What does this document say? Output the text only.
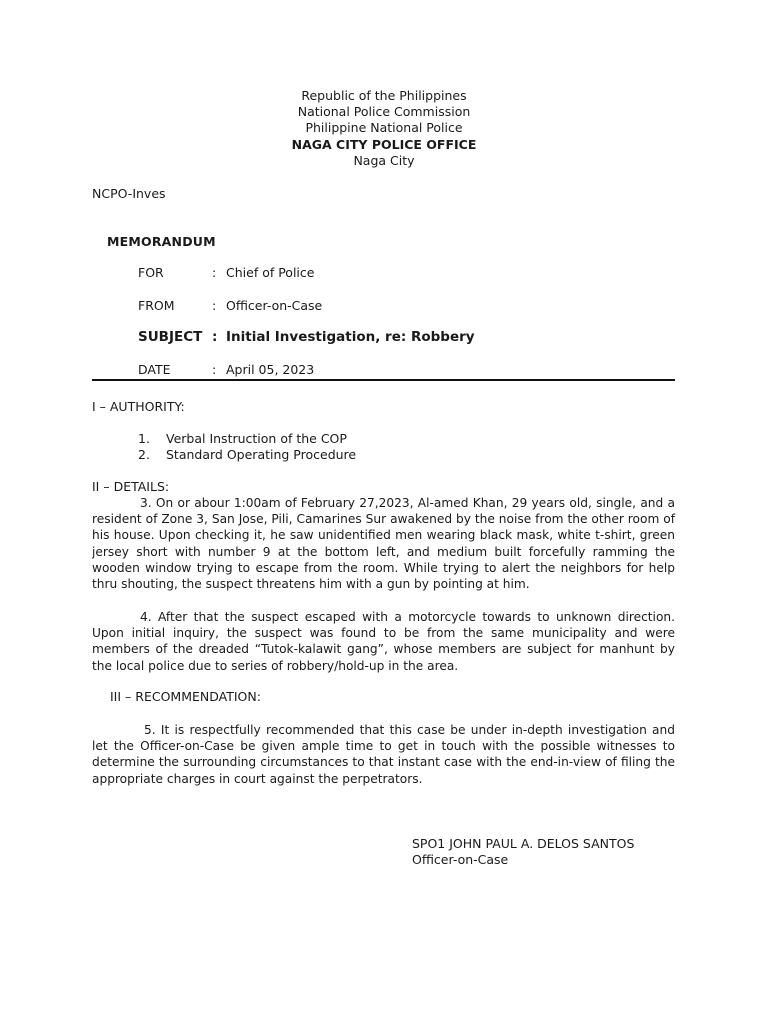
Republic of the Philippines
National Police Commission
Philippine National Police
NAGA CITY POLICE OFFICE
Naga City
NCPO-Inves
MEMORANDUM
FOR	: Chief of Police
FROM	: Officer-on-Case
SUBJECT : Initial Investigation, re: Robbery
DATE	: April 05, 2023
I – AUTHORITY:
1.	Verbal Instruction of the COP
2.	Standard Operating Procedure
II – DETAILS:

3. On or abour 1:00am of February 27,2023, Al-amed Khan, 29 years old, single, and a resident of Zone 3, San Jose, Pili, Camarines Sur awakened by the noise from the other room of his house. Upon checking it, he saw unidentified men wearing black mask, white t-shirt, green jersey short with number 9 at the bottom left, and medium built forcefully ramming the wooden window trying to escape from the room. While trying to alert the neighbors for help thru shouting, the suspect threatens him with a gun by pointing at him.

4. After that the suspect escaped with a motorcycle towards to unknown direction. Upon initial inquiry, the suspect was found to be from the same municipality and were members of the dreaded “Tutok-kalawit gang”, whose members are subject for manhunt by the local police due to series of robbery/hold-up in the area.

III – RECOMMENDATION:

5. It is respectfully recommended that this case be under in-depth investigation and let the Officer-on-Case be given ample time to get in touch with the possible witnesses to determine the surrounding circumstances to that instant case with the end-in-view of filing the appropriate charges in court against the perpetrators.

SPO1 JOHN PAUL A. DELOS SANTOS
Officer-on-Case
